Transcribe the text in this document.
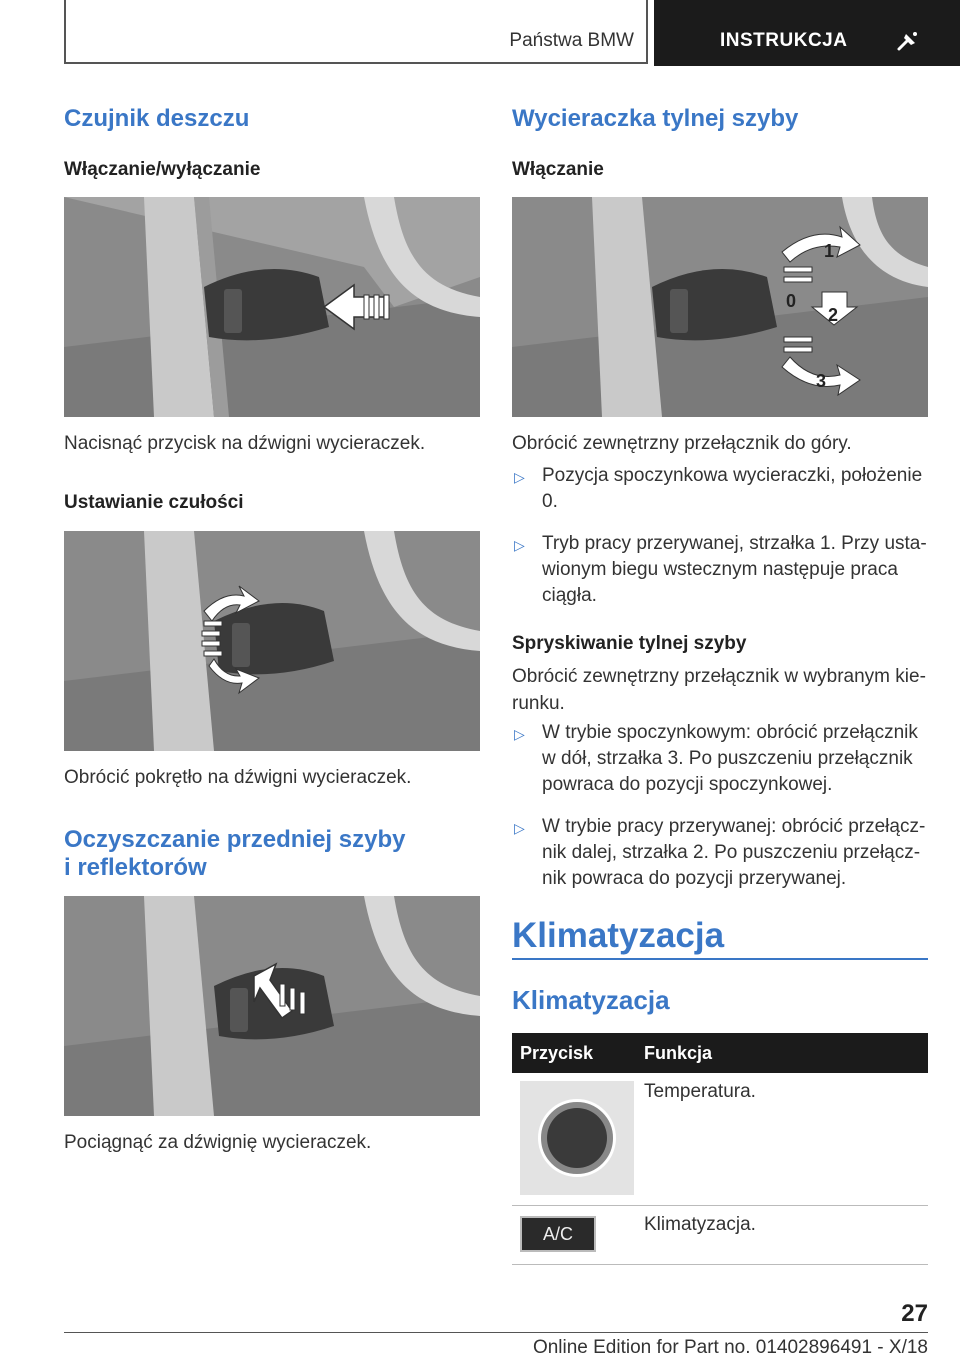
Państwa BMW	INSTRUKCJA
Czujnik deszczu
Włączanie/wyłączanie

Nacisnąć przycisk na dźwigni wycieraczek.

Ustawianie czułości

Obrócić pokrętło na dźwigni wycieraczek.

Oczyszczanie przedniej szyby
i reflektorów

Pociągnąć za dźwignię wycieraczek.

Wycieraczka tylnej szyby
Włączanie
1
0
2
3

Obrócić zewnętrzny przełącznik do góry.

▷ Pozycja spoczynkowa wycieraczki, położenie
0.
▷ Tryb pracy przerywanej, strzałka 1. Przy usta-
wionym biegu wstecznym następuje praca
ciągła.
Spryskiwanie tylnej szyby

Obrócić zewnętrzny przełącznik w wybranym kie-
runku.

▷ W trybie spoczynkowym: obrócić przełącznik
w dół, strzałka 3. Po puszczeniu przełącznik
powraca do pozycji spoczynkowej.
▷ W trybie pracy przerywanej: obrócić przełącz-
nik dalej, strzałka 2. Po puszczeniu przełącz-
nik powraca do pozycji przerywanej.
Klimatyzacja
Klimatyzacja
Przycisk	Funkcja

	Temperatura.

A/C	Klimatyzacja.
27
Online Edition for Part no. 01402896491 - X/18
